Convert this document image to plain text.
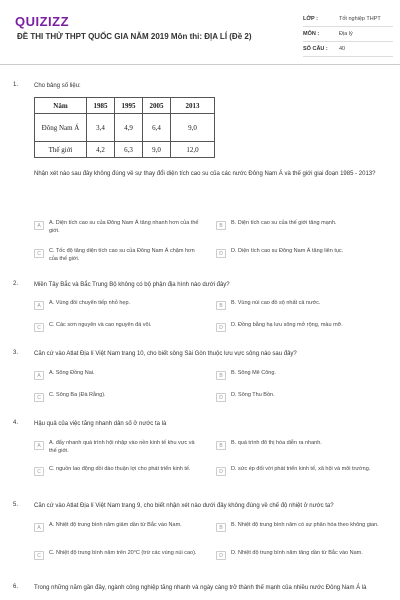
QUIZIZZ
ĐỀ THI THỬ THPT QUỐC GIA NĂM 2019 Môn thi: ĐỊA LÍ (Đề 2)
LỚP :	Tốt nghiệp THPT
MÔN :	Địa lý
SỐ CÂU : 40
1.	Cho bảng số liệu:
Năm	1985	1995	2005	2013
Đông Nam Á	3,4	4,9	6,4	9,0
Thế giới	4,2	6,3	9,0	12,0
Nhận xét nào sau đây không đúng về sự thay đổi diện tích cao su của các nước Đông Nam Á và thế giới giai đoạn 1985 - 2013?
A	A. Diện tích cao su của Đông Nam Á tăng nhanh hơn của thế giới.
B	B. Diện tích cao su của thế giới tăng mạnh.
C	C. Tốc độ tăng diện tích cao su của Đông Nam Á chậm hơn của thế giới.
D	D. Diện tích cao su Đông Nam Á tăng liên tục.
2.	Miền Tây Bắc và Bắc Trung Bộ không có bộ phận địa hình nào dưới đây?
A	A. Vùng đồi chuyển tiếp nhỏ hẹp.	B	B. Vùng núi cao đồ sộ nhất cả nước.
C	C. Các sơn nguyên và cao nguyên đá vôi.	D	D. Đồng bằng hạ lưu sông mở rộng, màu mỡ.
3.	Căn cứ vào Atlat Địa lí Việt Nam trang 10, cho biết sông Sài Gòn thuộc lưu vực sông nào sau đây?
A	A. Sông Đồng Nai.	B	B. Sông Mê Công.
C	C. Sông Ba (Đà Rằng).	D	D. Sông Thu Bồn.
4.	Hậu quả của việc tăng nhanh dân số ở nước ta là
A	A. đẩy nhanh quá trình hội nhập vào nền kinh tế khu vực và thế giới.
B	B. quá trình đô thị hóa diễn ra nhanh.
C	C. nguồn lao động dồi dào thuận lợi cho phát triển kinh tế.	D	D. sức ép đối với phát triển kinh tế, xã hội và môi trường.
5.	Căn cứ vào Atlat Địa lí Việt Nam trang 9, cho biết nhận xét nào dưới đây không đúng về chế độ nhiệt ở nước ta?
A	A. Nhiệt độ trung bình năm giảm dần từ Bắc vào Nam.	B	B. Nhiệt độ trung bình năm có sự phân hóa theo không gian.
C	C. Nhiệt độ trung bình năm trên 20°C (trừ các vùng núi cao).	D	D. Nhiệt độ trung bình năm tăng dần từ Bắc vào Nam.
6.	Trong những năm gần đây, ngành công nghiệp tăng nhanh và ngày càng trở thành thế mạnh của nhiều nước Đông Nam Á là
